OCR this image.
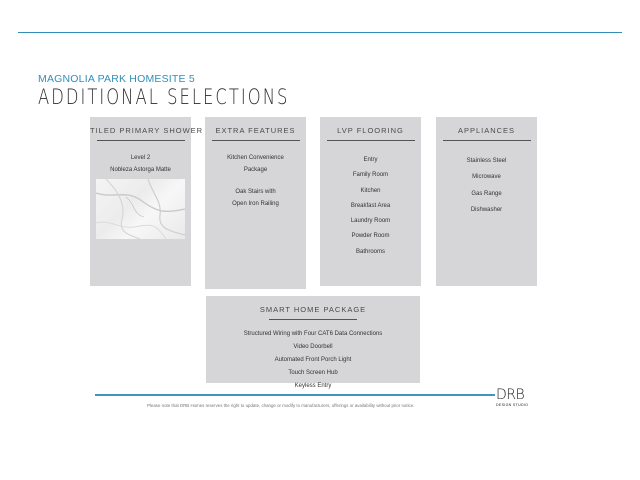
MAGNOLIA PARK HOMESITE 5
ADDITIONAL SELECTIONS
TILED PRIMARY SHOWER
Level 2
Nobleza Astorga Matte
EXTRA FEATURES
Kitchen Convenience
Package
Oak Stairs with
Open Iron Railing
LVP FLOORING
Entry
Family Room
Kitchen
Breakfast Area
Laundry Room
Powder Room
Bathrooms
APPLIANCES
Stainless Steel
Microwave
Gas Range
Dishwasher
SMART HOME PACKAGE
Structured Wiring with Four CAT6 Data Connections
Video Doorbell
Automated Front Porch Light
Touch Screen Hub
Keyless Entry
Please note that DRB Homes reserves the right to update, change or modify to manufacturers, offerings or availability without prior notice.
DRB
DESIGN STUDIO
